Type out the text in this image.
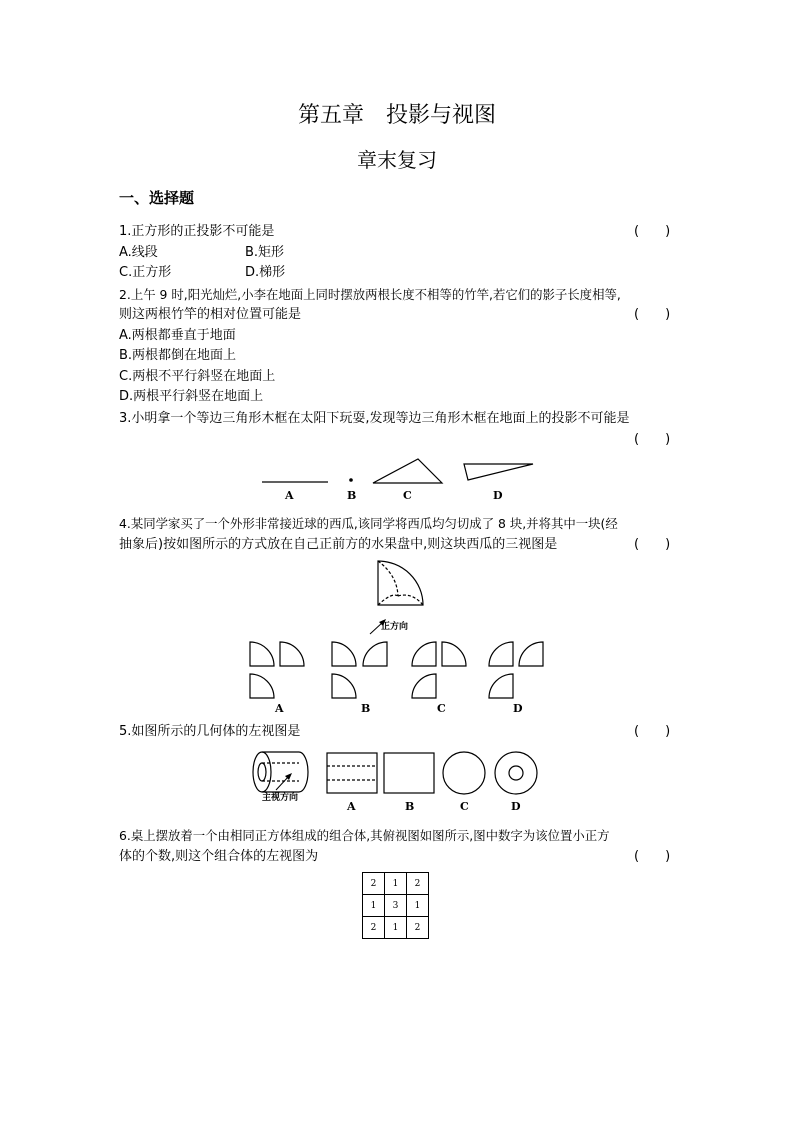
第五章　投影与视图
章末复习
一、选择题
1.正方形的正投影不可能是	(　　)
A.线段	B.矩形
C.正方形	D.梯形
2.上午 9 时,阳光灿烂,小李在地面上同时摆放两根长度不相等的竹竿,若它们的影子长度相等,
则这两根竹竿的相对位置可能是	(　　)
A.两根都垂直于地面
B.两根都倒在地面上
C.两根不平行斜竖在地面上
D.两根平行斜竖在地面上
3.小明拿一个等边三角形木框在太阳下玩耍,发现等边三角形木框在地面上的投影不可能是
(　　)
A	B	C	D
4.某同学家买了一个外形非常接近球的西瓜,该同学将西瓜均匀切成了 8 块,并将其中一块(经
抽象后)按如图所示的方式放在自己正前方的水果盘中,则这块西瓜的三视图是	(　　)
正方向
A	B	C	D
5.如图所示的几何体的左视图是	(　　)
主视方向
A	B	C	D
6.桌上摆放着一个由相同正方体组成的组合体,其俯视图如图所示,图中数字为该位置小正方
体的个数,则这个组合体的左视图为	(　　)
2	1	2
1	3	1
2	1	2
